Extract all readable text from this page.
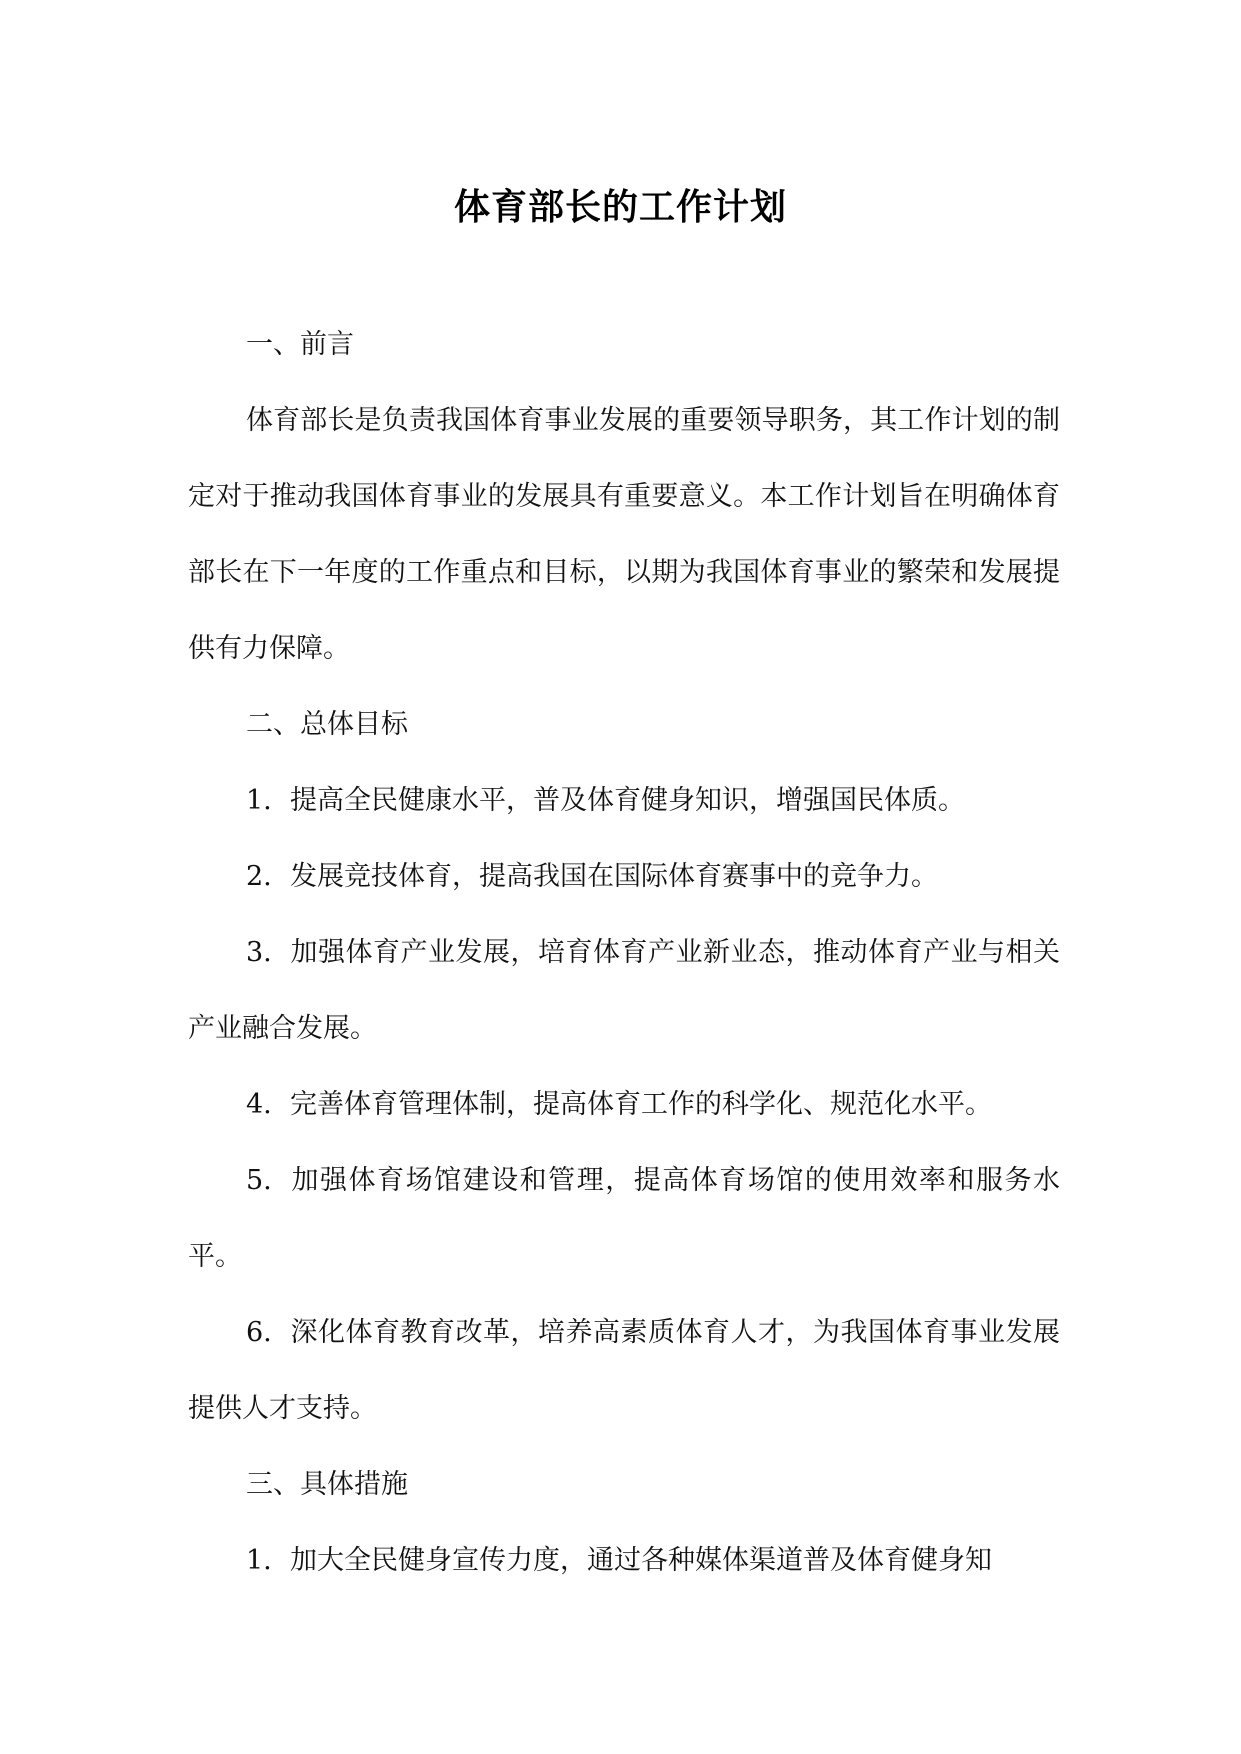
体育部长的工作计划

一、前言

体育部长是负责我国体育事业发展的重要领导职务，其工作计划的制定对于推动我国体育事业的发展具有重要意义。本工作计划旨在明确体育部长在下一年度的工作重点和目标，以期为我国体育事业的繁荣和发展提供有力保障。

二、总体目标

1. 提高全民健康水平，普及体育健身知识，增强国民体质。

2. 发展竞技体育，提高我国在国际体育赛事中的竞争力。

3. 加强体育产业发展，培育体育产业新业态，推动体育产业与相关产业融合发展。

4. 完善体育管理体制，提高体育工作的科学化、规范化水平。

5. 加强体育场馆建设和管理，提高体育场馆的使用效率和服务水平。

6. 深化体育教育改革，培养高素质体育人才，为我国体育事业发展提供人才支持。

三、具体措施

1. 加大全民健身宣传力度，通过各种媒体渠道普及体育健身知
